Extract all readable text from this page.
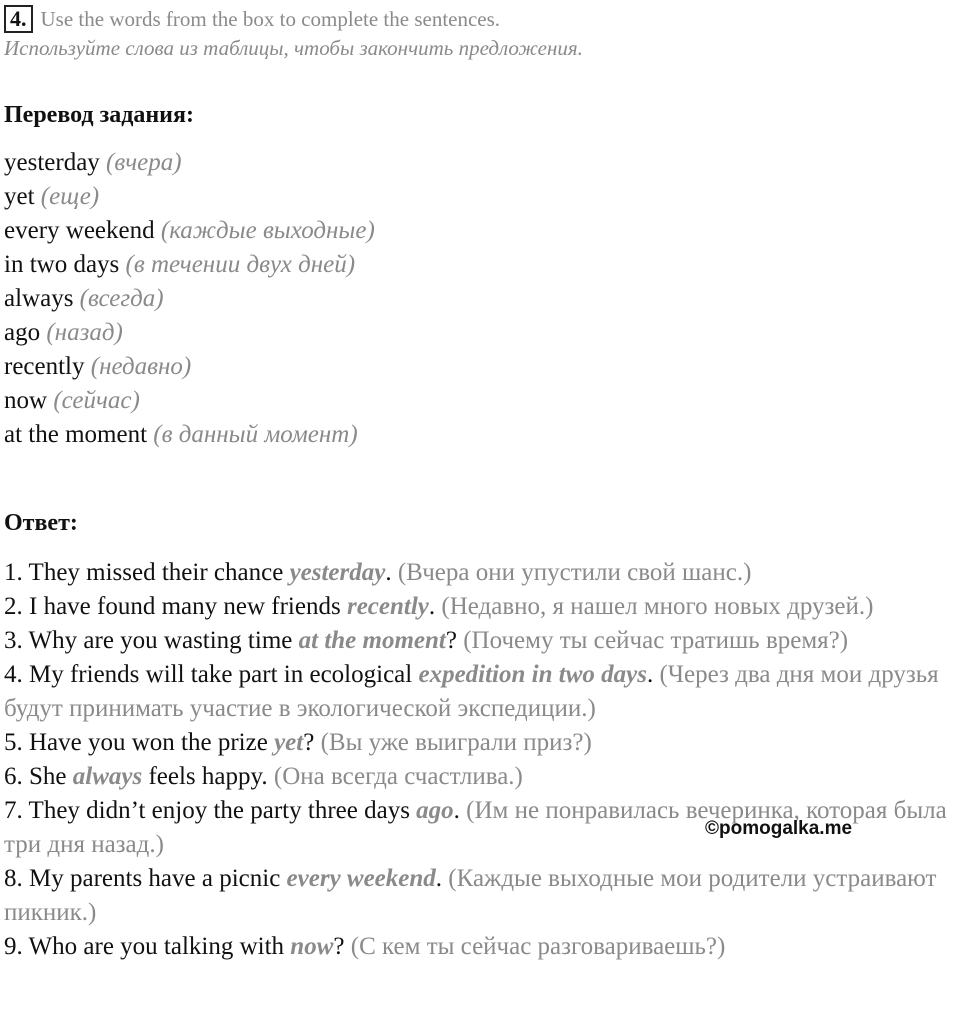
4. Use the words from the box to complete the sentences.
Используйте слова из таблицы, чтобы закончить предложения.
Перевод задания:
yesterday (вчера)
yet (еще)
every weekend (каждые выходные)
in two days (в течении двух дней)
always (всегда)
ago (назад)
recently (недавно)
now (сейчас)
at the moment (в данный момент)
Ответ:
1. They missed their chance yesterday. (Вчера они упустили свой шанс.)
2. I have found many new friends recently. (Недавно, я нашел много новых друзей.)
3. Why are you wasting time at the moment? (Почему ты сейчас тратишь время?)
4. My friends will take part in ecological expedition in two days. (Через два дня мои друзья будут принимать участие в экологической экспедиции.)
5. Have you won the prize yet? (Вы уже выиграли приз?)
6. She always feels happy. (Она всегда счастлива.)
7. They didn’t enjoy the party three days ago. (Им не понравилась вечеринка, которая была три дня назад.)
8. My parents have a picnic every weekend. (Каждые выходные мои родители устраивают пикник.)
9. Who are you talking with now? (С кем ты сейчас разговариваешь?)
©pomogalka.me
